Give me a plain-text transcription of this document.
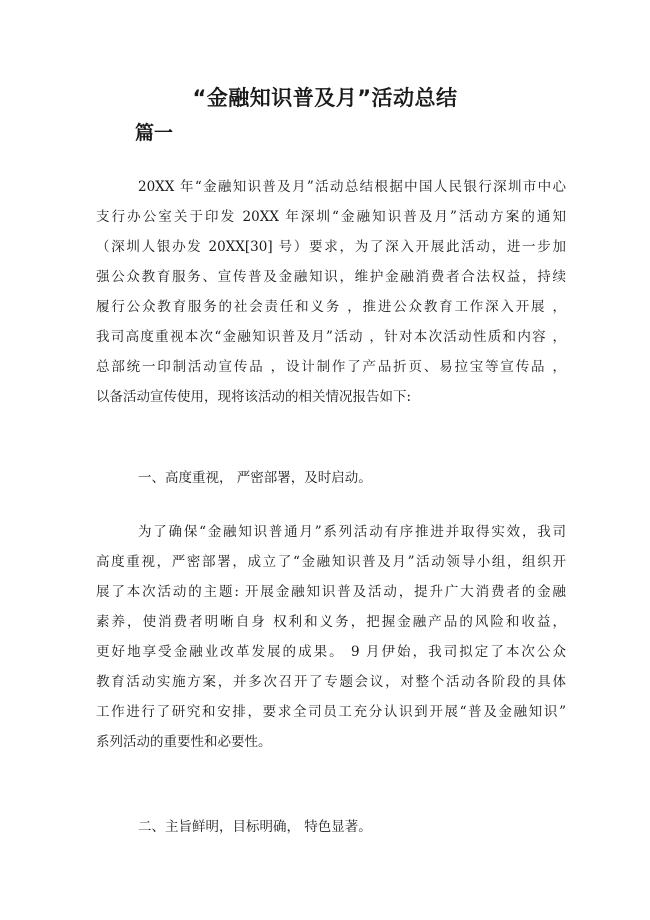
“金融知识普及月”活动总结
篇一
20XX 年“金融知识普及月”活动总结根据中国人民银行深圳市中心
支行办公室关于印发 20XX 年深圳“金融知识普及月”活动方案的通知
（深圳人银办发 20XX[30] 号）要求，为了深入开展此活动，进一步加
强公众教育服务、宣传普及金融知识，维护金融消费者合法权益，持续
履行公众教育服务的社会责任和义务 ，推进公众教育工作深入开展 ，
我司高度重视本次“金融知识普及月”活动 ，针对本次活动性质和内容 ，
总部统一印制活动宣传品 ，设计制作了产品折页、易拉宝等宣传品 ，
以备活动宣传使用，现将该活动的相关情况报告如下:
一、高度重视， 严密部署，及时启动。
为了确保“金融知识普通月”系列活动有序推进并取得实效，我司
高度重视，严密部署，成立了“金融知识普及月”活动领导小组，组织开
展了本次活动的主题: 开展金融知识普及活动，提升广大消费者的金融
素养，使消费者明晰自身 权利和义务，把握金融产品的风险和收益，
更好地享受金融业改革发展的成果。 9 月伊始，我司拟定了本次公众
教育活动实施方案，并多次召开了专题会议，对整个活动各阶段的具体
工作进行了研究和安排，要求全司员工充分认识到开展“普及金融知识”
系列活动的重要性和必要性。
二、主旨鲜明，目标明确， 特色显著。
